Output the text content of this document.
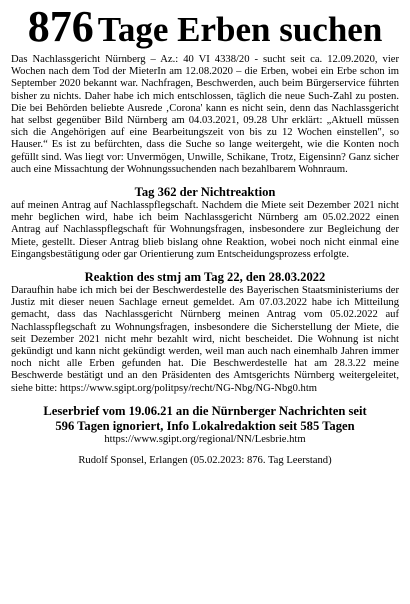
876 Tage Erben suchen

Das Nachlassgericht Nürnberg – Az.: 40 VI 4338/20 - sucht seit ca. 12.09.2020, vier Wochen nach dem Tod der MieterIn am 12.08.2020 – die Erben, wobei ein Erbe schon im September 2020 bekannt war. Nachfragen, Beschwerden, auch beim Bürgerservice führten bisher zu nichts. Daher habe ich mich entschlossen, täglich die neue Such-Zahl zu posten. Die bei Behörden beliebte Ausrede ‚Corona' kann es nicht sein, denn das Nachlassgericht hat selbst gegenüber Bild Nürnberg am 04.03.2021, 09.28 Uhr erklärt: „Aktuell müssen sich die Angehörigen auf eine Bearbeitungszeit von bis zu 12 Wochen einstellen", so Hauser.“ Es ist zu befürchten, dass die Suche so lange weitergeht, wie die Konten noch gefüllt sind. Was liegt vor: Unvermögen, Unwille, Schikane, Trotz, Eigensinn? Ganz sicher auch eine Missachtung der Wohnungssuchenden nach bezahlbarem Wohnraum.

Tag 362 der Nichtreaktion

auf meinen Antrag auf Nachlasspflegschaft. Nachdem die Miete seit Dezember 2021 nicht mehr beglichen wird, habe ich beim Nachlassgericht Nürnberg am 05.02.2022 einen Antrag auf Nachlasspflegschaft für Wohnungsfragen, insbesondere zur Begleichung der Miete, gestellt. Dieser Antrag blieb bislang ohne Reaktion, wobei noch nicht einmal eine Eingangsbestätigung oder gar Orientierung zum Entscheidungsprozess erfolgte.

Reaktion des stmj am Tag 22, den 28.03.2022

Daraufhin habe ich mich bei der Beschwerdestelle des Bayerischen Staatsministeriums der Justiz mit dieser neuen Sachlage erneut gemeldet. Am 07.03.2022 habe ich Mitteilung gemacht, dass das Nachlassgericht Nürnberg meinen Antrag vom 05.02.2022 auf Nachlasspflegschaft zu Wohnungsfragen, insbesondere die Sicherstellung der Miete, die seit Dezember 2021 nicht mehr bezahlt wird, nicht bescheidet. Die Wohnung ist nicht gekündigt und kann nicht gekündigt werden, weil man auch nach einemhalb Jahren immer noch nicht alle Erben gefunden hat. Die Beschwerdestelle hat am 28.3.22 meine Beschwerde bestätigt und an den Präsidenten des Amtsgerichts Nürnberg weitergeleitet, siehe bitte: https://www.sgipt.org/politpsy/recht/NG-Nbg/NG-Nbg0.htm

Leserbrief vom 19.06.21 an die Nürnberger Nachrichten seit
596 Tagen ignoriert, Info Lokalredaktion seit 585 Tagen
https://www.sgipt.org/regional/NN/Lesbrie.htm
Rudolf Sponsel, Erlangen (05.02.2023: 876. Tag Leerstand)
